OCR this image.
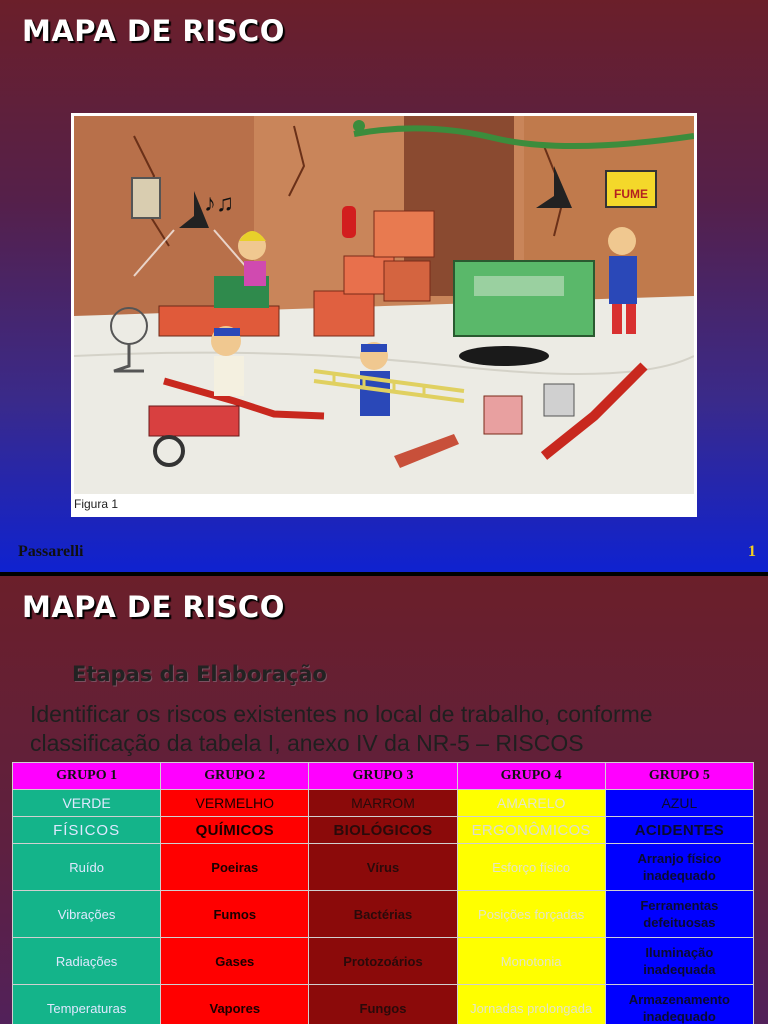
MAPA DE RISCO
♪♫	FUME
Figura 1
Passarelli	1
MAPA DE RISCO
Etapas da Elaboração

Identificar os riscos existentes no local de trabalho, conforme classificação da tabela I, anexo IV da NR-5 – RISCOS

GRUPO 1	GRUPO 2	GRUPO 3	GRUPO 4	GRUPO 5
VERDE	VERMELHO	MARROM	AMARELO	AZUL
FÍSICOS	QUÍMICOS	BIOLÓGICOS	ERGONÔMICOS	ACIDENTES
Ruído	Poeiras	Vírus	Esforço físico	Arranjo físico inadequado
Vibrações	Fumos	Bactérias	Posições forçadas	Ferramentas defeituosas
Radiações	Gases	Protozoários	Monotonia	Iluminação inadequada
Temperaturas	Vapores	Fungos	Jornadas prolongada	Armazenamento inadequado
